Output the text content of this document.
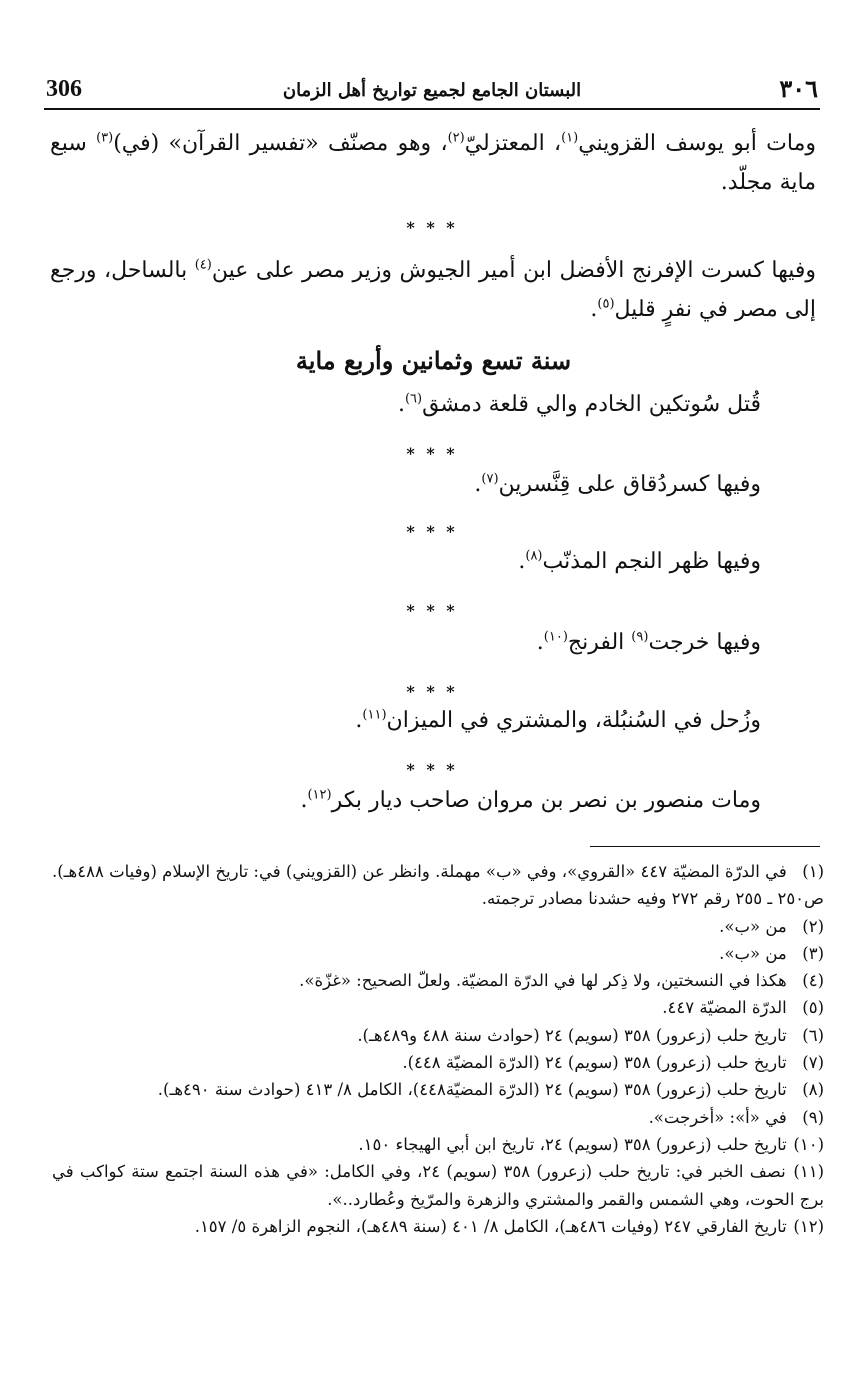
306	البستان الجامع لجميع تواريخ أهل الزمان	٣٠٦
ومات أبو يوسف القزويني$^{(١)}$، المعتزليّ$^{(٢)}$، وهو مصنّف «تفسير القرآن» (في)$^{(٣)}$ سبع ماية مجلّد.
* * *
وفيها كسرت الإفرنج الأفضل ابن أمير الجيوش وزير مصر على عين$^{(٤)}$ بالساحل، ورجع إلى مصر في نفرٍ قليل$^{(٥)}$.
سنة تسع وثمانين وأربع ماية
قُتل سُوتكين الخادم والي قلعة دمشق$^{(٦)}$.
* * *
وفيها كسردُقاق على قِنَّسرين$^{(٧)}$.
* * *
وفيها ظهر النجم المذنّب$^{(٨)}$.
* * *
وفيها خرجت$^{(٩)}$ الفرنج$^{(١٠)}$.
* * *
وزُحل في السُنبُلة، والمشتري في الميزان$^{(١١)}$.
* * *
ومات منصور بن نصر بن مروان صاحب ديار بكر$^{(١٢)}$.
(١) في الدرّة المضيّة ٤٤٧ «القروي»، وفي «ب» مهملة. وانظر عن (القزويني) في: تاريخ الإسلام (وفيات ٤٨٨هـ). ص٢٥٠ ـ ٢٥٥ رقم ٢٧٢ وفيه حشدنا مصادر ترجمته.
(٢) من «ب».
(٣) من «ب».
(٤) هكذا في النسختين، ولا ذِكر لها في الدرّة المضيّة. ولعلّ الصحيح: «غزّة».
(٥) الدرّة المضيّة ٤٤٧.
(٦) تاريخ حلب (زعرور) ٣٥٨ (سويم) ٢٤ (حوادث سنة ٤٨٨ و٤٨٩هـ).
(٧) تاريخ حلب (زعرور) ٣٥٨ (سويم) ٢٤ (الدرّة المضيّة ٤٤٨).
(٨) تاريخ حلب (زعرور) ٣٥٨ (سويم) ٢٤ (الدرّة المضيّة٤٤٨)، الكامل ٨/ ٤١٣ (حوادث سنة ٤٩٠هـ).
(٩) في «أ»: «أخرجت».
(١٠) تاريخ حلب (زعرور) ٣٥٨ (سويم) ٢٤، تاريخ ابن أبي الهيجاء ١٥٠.
(١١) نصف الخبر في: تاريخ حلب (زعرور) ٣٥٨ (سويم) ٢٤، وفي الكامل: «في هذه السنة اجتمع ستة كواكب في برج الحوت، وهي الشمس والقمر والمشتري والزهرة والمرّيخ وعُطارد..».
(١٢) تاريخ الفارقي ٢٤٧ (وفيات ٤٨٦هـ)، الكامل ٨/ ٤٠١ (سنة ٤٨٩هـ)، النجوم الزاهرة ٥/ ١٥٧.
